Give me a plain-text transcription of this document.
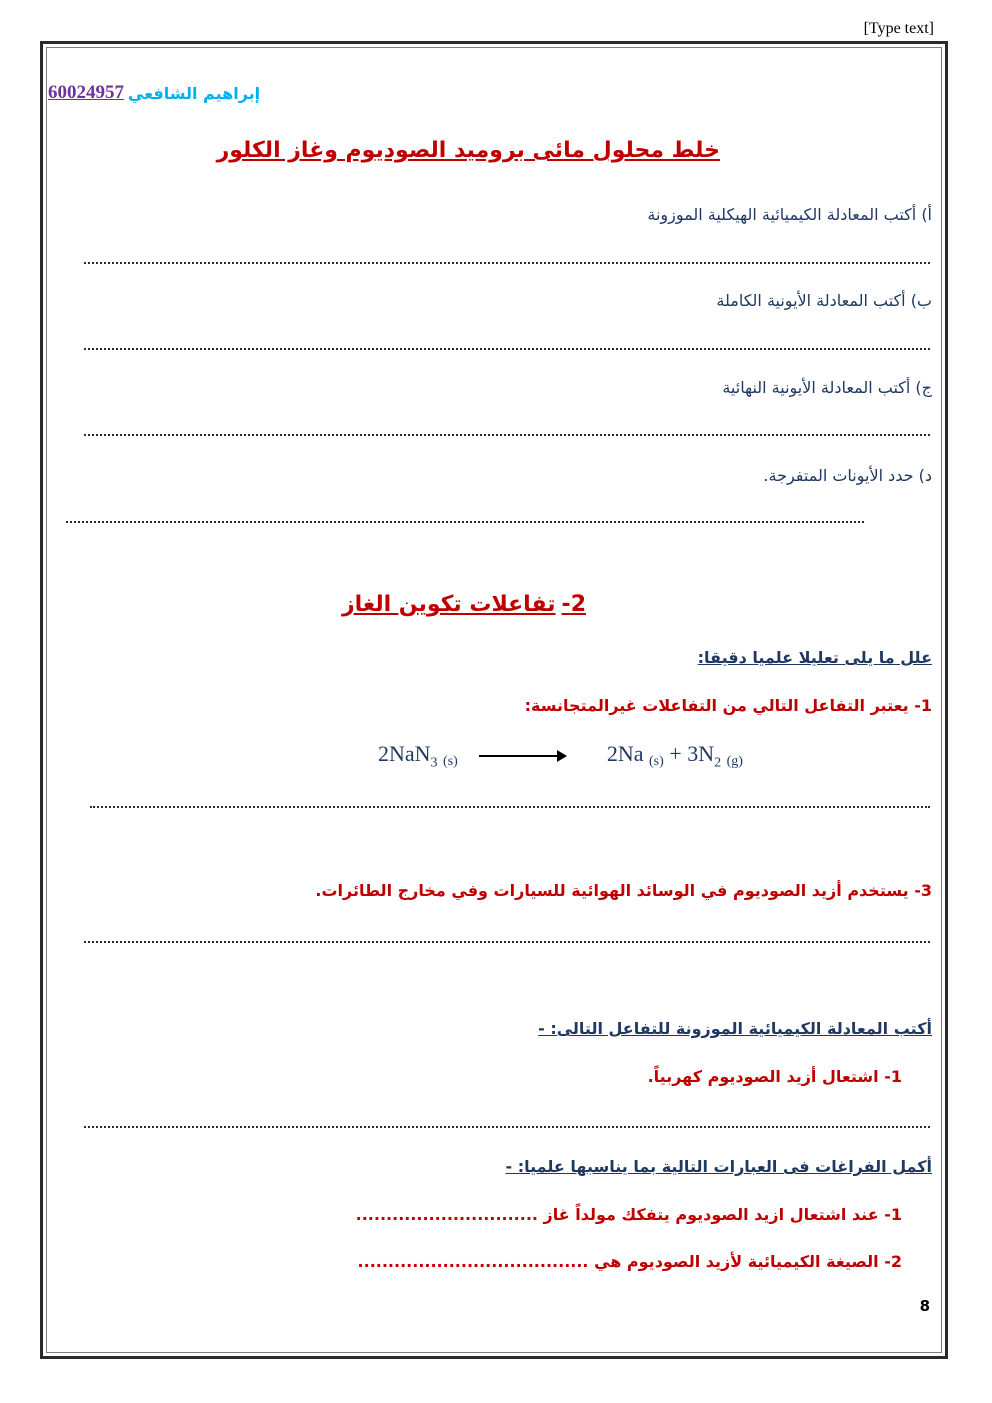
[Type text]
60024957 إبراهيم الشافعي
خلط محلول مائى بروميد الصوديوم وغاز الكلور
أ) أكتب المعادلة الكيميائية الهيكلية الموزونة
ب) أكتب المعادلة الأيونية الكاملة
ج) أكتب المعادلة الأيونية النهائية
د) حدد الأيونات المتفرجة.
2-
تفاعلات تكوين الغاز
علل ما يلى تعليلا علميا دقيقا:
1- يعتبر التفاعل التالي من التفاعلات غيرالمتجانسة:
2NaN$_3$ (s) → 2Na $(s) + 3N_2$ (g)
3- يستخدم أزيد الصوديوم في الوسائد الهوائية للسيارات وفي مخارج الطائرات.
أكتب المعادلة الكيميائية الموزونة للتفاعل التالى: -
1- اشتعال أزيد الصوديوم كهربياً.
أكمل الفراغات فى العبارات التالية بما يناسبها علميا: -
1- عند اشتعال ازيد الصوديوم يتفكك مولداً غاز ..............................
2- الصيغة الكيميائية لأزيد الصوديوم هي ......................................
8
